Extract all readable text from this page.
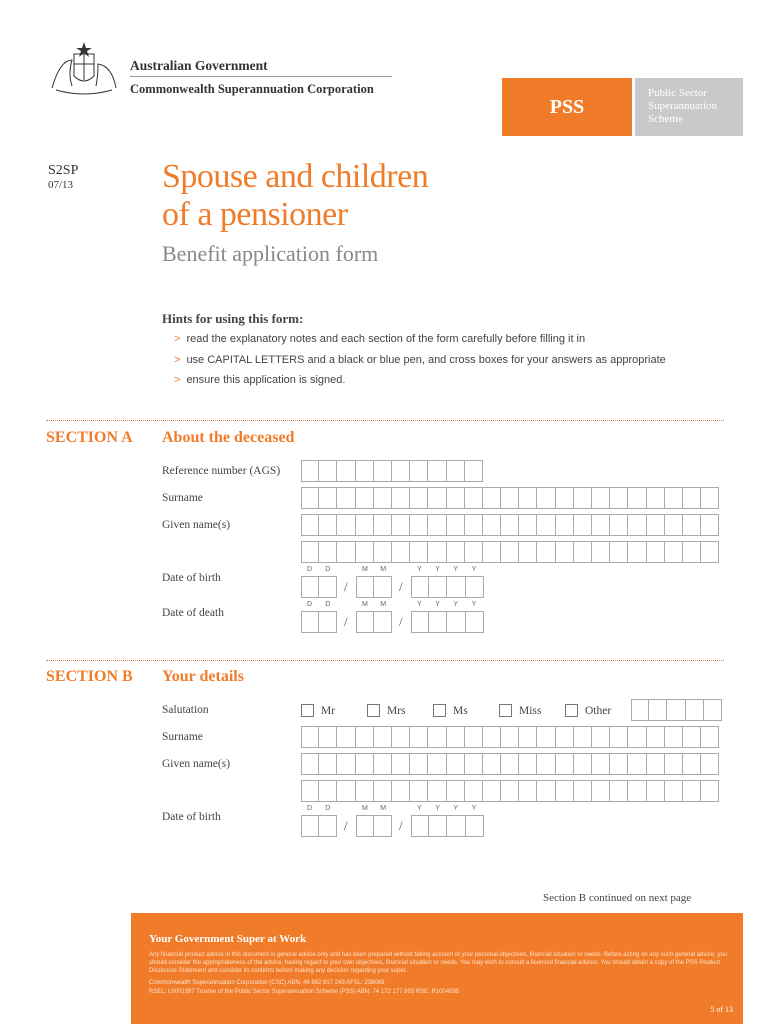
Australian Government
Commonwealth Superannuation Corporation
PSS
Public Sector
Superannuation
Scheme
S2SP
07/13	Spouse and children
of a pensioner
Benefit application form
Hints for using this form:
> read the explanatory notes and each section of the form carefully before filling it in
> use CAPITAL LETTERS and a black or blue pen, and cross boxes for your answers as appropriate
> ensure this application is signed.
SECTION A About the deceased
Reference number (AGS)
Surname
Given name(s)
Date of birth
D D	M M	Y Y Y Y
/	/
Date of death
D D	M M	Y Y Y Y
/	/
SECTION B Your details
Salutation	Mr	Mrs	Ms	Miss	Other
Surname
Given name(s)
Date of birth
D D	M M	Y Y Y Y
/	/
Section B continued on next page
Your Government Super at Work
Any financial product advice in this document is general advice only and has been prepared without taking account of your personal objectives, financial situation or needs. Before acting on any such general advice, you should consider the appropriateness of the advice, having regard to your own objectives, financial situation or needs. You may wish to consult a licensed financial advisor. You should obtain a copy of the PSS Product Disclosure Statement and consider its contents before making any decision regarding your super.
Commonwealth Superannuation Corporation (CSC) ABN: 48 882 817 243 AFSL: 238069
RSEL: L0001397 Trustee of the Public Sector Superannuation Scheme (PSS) ABN: 74 172 177 893 RSE: R1004595
5 of 13
